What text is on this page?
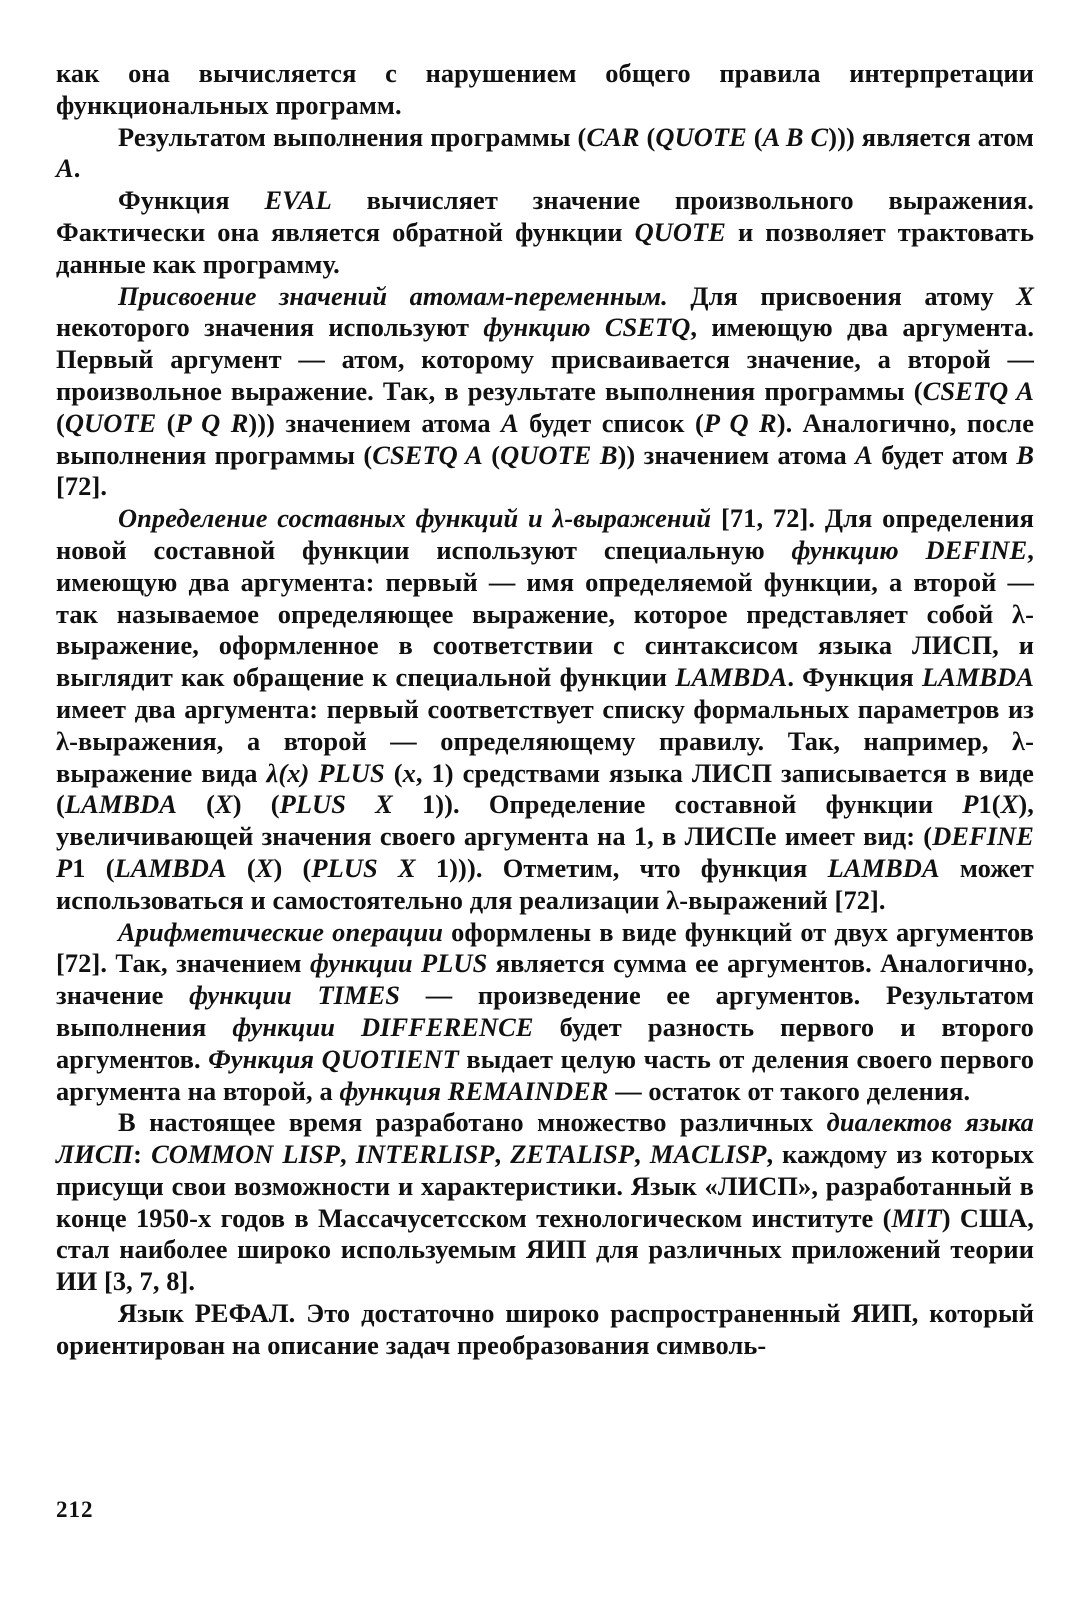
как она вычисляется с нарушением общего правила интерпретации функциональных программ.

Результатом выполнения программы (CAR (QUOTE (A B C))) является атом A.

Функция EVAL вычисляет значение произвольного выражения. Фактически она является обратной функции QUOTE и позволяет трактовать данные как программу.

Присвоение значений атомам-переменным. Для присвоения атому X некоторого значения используют функцию CSETQ, имеющую два аргумента. Первый аргумент — атом, которому присваивается значение, а второй — произвольное выражение. Так, в результате выполнения программы (CSETQ A (QUOTE (P Q R))) значением атома A будет список (P Q R). Аналогично, после выполнения программы (CSETQ A (QUOTE B)) значением атома A будет атом B [72].

Определение составных функций и λ-выражений [71, 72]. Для определения новой составной функции используют специальную функцию DEFINE, имеющую два аргумента: первый — имя определяемой функции, а второй — так называемое определяющее выражение, которое представляет собой λ-выражение, оформленное в соответствии с синтаксисом языка ЛИСП, и выглядит как обращение к специальной функции LAMBDA. Функция LAMBDA имеет два аргумента: первый соответствует списку формальных параметров из λ-выражения, а второй — определяющему правилу. Так, например, λ-выражение вида λ(x) PLUS (x, 1) средствами языка ЛИСП записывается в виде (LAMBDA (X) (PLUS X 1)). Определение составной функции P1(X), увеличивающей значения своего аргумента на 1, в ЛИСПе имеет вид: (DEFINE P1 (LAMBDA (X) (PLUS X 1))). Отметим, что функция LAMBDA может использоваться и самостоятельно для реализации λ-выражений [72].

Арифметические операции оформлены в виде функций от двух аргументов [72]. Так, значением функции PLUS является сумма ее аргументов. Аналогично, значение функции TIMES — произведение ее аргументов. Результатом выполнения функции DIFFERENCE будет разность первого и второго аргументов. Функция QUOTIENT выдает целую часть от деления своего первого аргумента на второй, а функция REMAINDER — остаток от такого деления.

В настоящее время разработано множество различных диалектов языка ЛИСП: COMMON LISP, INTERLISP, ZETALISP, MACLISP, каждому из которых присущи свои возможности и характеристики. Язык «ЛИСП», разработанный в конце 1950-х годов в Массачусетсском технологическом институте (MIT) США, стал наиболее широко используемым ЯИП для различных приложений теории ИИ [3, 7, 8].

Язык РЕФАЛ. Это достаточно широко распространенный ЯИП, который ориентирован на описание задач преобразования символь-

212
